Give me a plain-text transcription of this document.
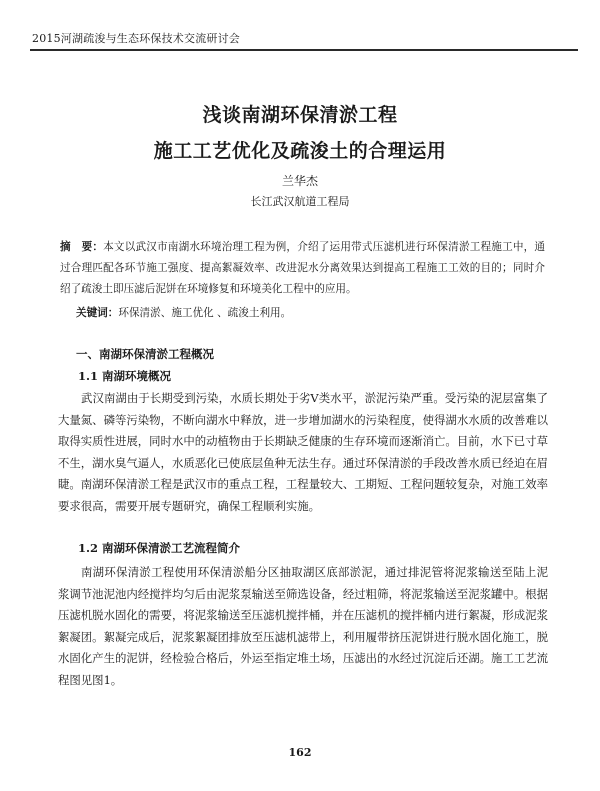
2015河湖疏浚与生态环保技术交流研讨会
浅谈南湖环保清淤工程
施工工艺优化及疏浚土的合理运用
兰华杰
长江武汉航道工程局
摘　要：本文以武汉市南湖水环境治理工程为例，介绍了运用带式压滤机进行环保清淤工程施工中，通过合理匹配各环节施工强度、提高絮凝效率、改进泥水分离效果达到提高工程施工工效的目的；同时介绍了疏浚土即压滤后泥饼在环境修复和环境美化工程中的应用。
关键词：环保清淤、施工优化 、疏浚土利用。
一、南湖环保清淤工程概况
1.1 南湖环境概况
武汉南湖由于长期受到污染，水质长期处于劣V类水平，淤泥污染严重。受污染的泥层富集了大量氮、磷等污染物，不断向湖水中释放，进一步增加湖水的污染程度，使得湖水水质的改善难以取得实质性进展，同时水中的动植物由于长期缺乏健康的生存环境而逐渐消亡。目前，水下已寸草不生，湖水臭气逼人，水质恶化已使底层鱼种无法生存。通过环保清淤的手段改善水质已经迫在眉睫。南湖环保清淤工程是武汉市的重点工程，工程量较大、工期短、工程问题较复杂，对施工效率要求很高，需要开展专题研究，确保工程顺利实施。
1.2 南湖环保清淤工艺流程简介
南湖环保清淤工程使用环保清淤船分区抽取湖区底部淤泥，通过排泥管将泥浆输送至陆上泥浆调节池泥池内经搅拌均匀后由泥浆泵输送至筛选设备，经过粗筛，将泥浆输送至泥浆罐中。根据压滤机脱水固化的需要，将泥浆输送至压滤机搅拌桶，并在压滤机的搅拌桶内进行絮凝，形成泥浆絮凝团。絮凝完成后，泥浆絮凝团排放至压滤机滤带上，利用履带挤压泥饼进行脱水固化施工，脱水固化产生的泥饼，经检验合格后，外运至指定堆土场，压滤出的水经过沉淀后还湖。施工工艺流程图见图1。
162
